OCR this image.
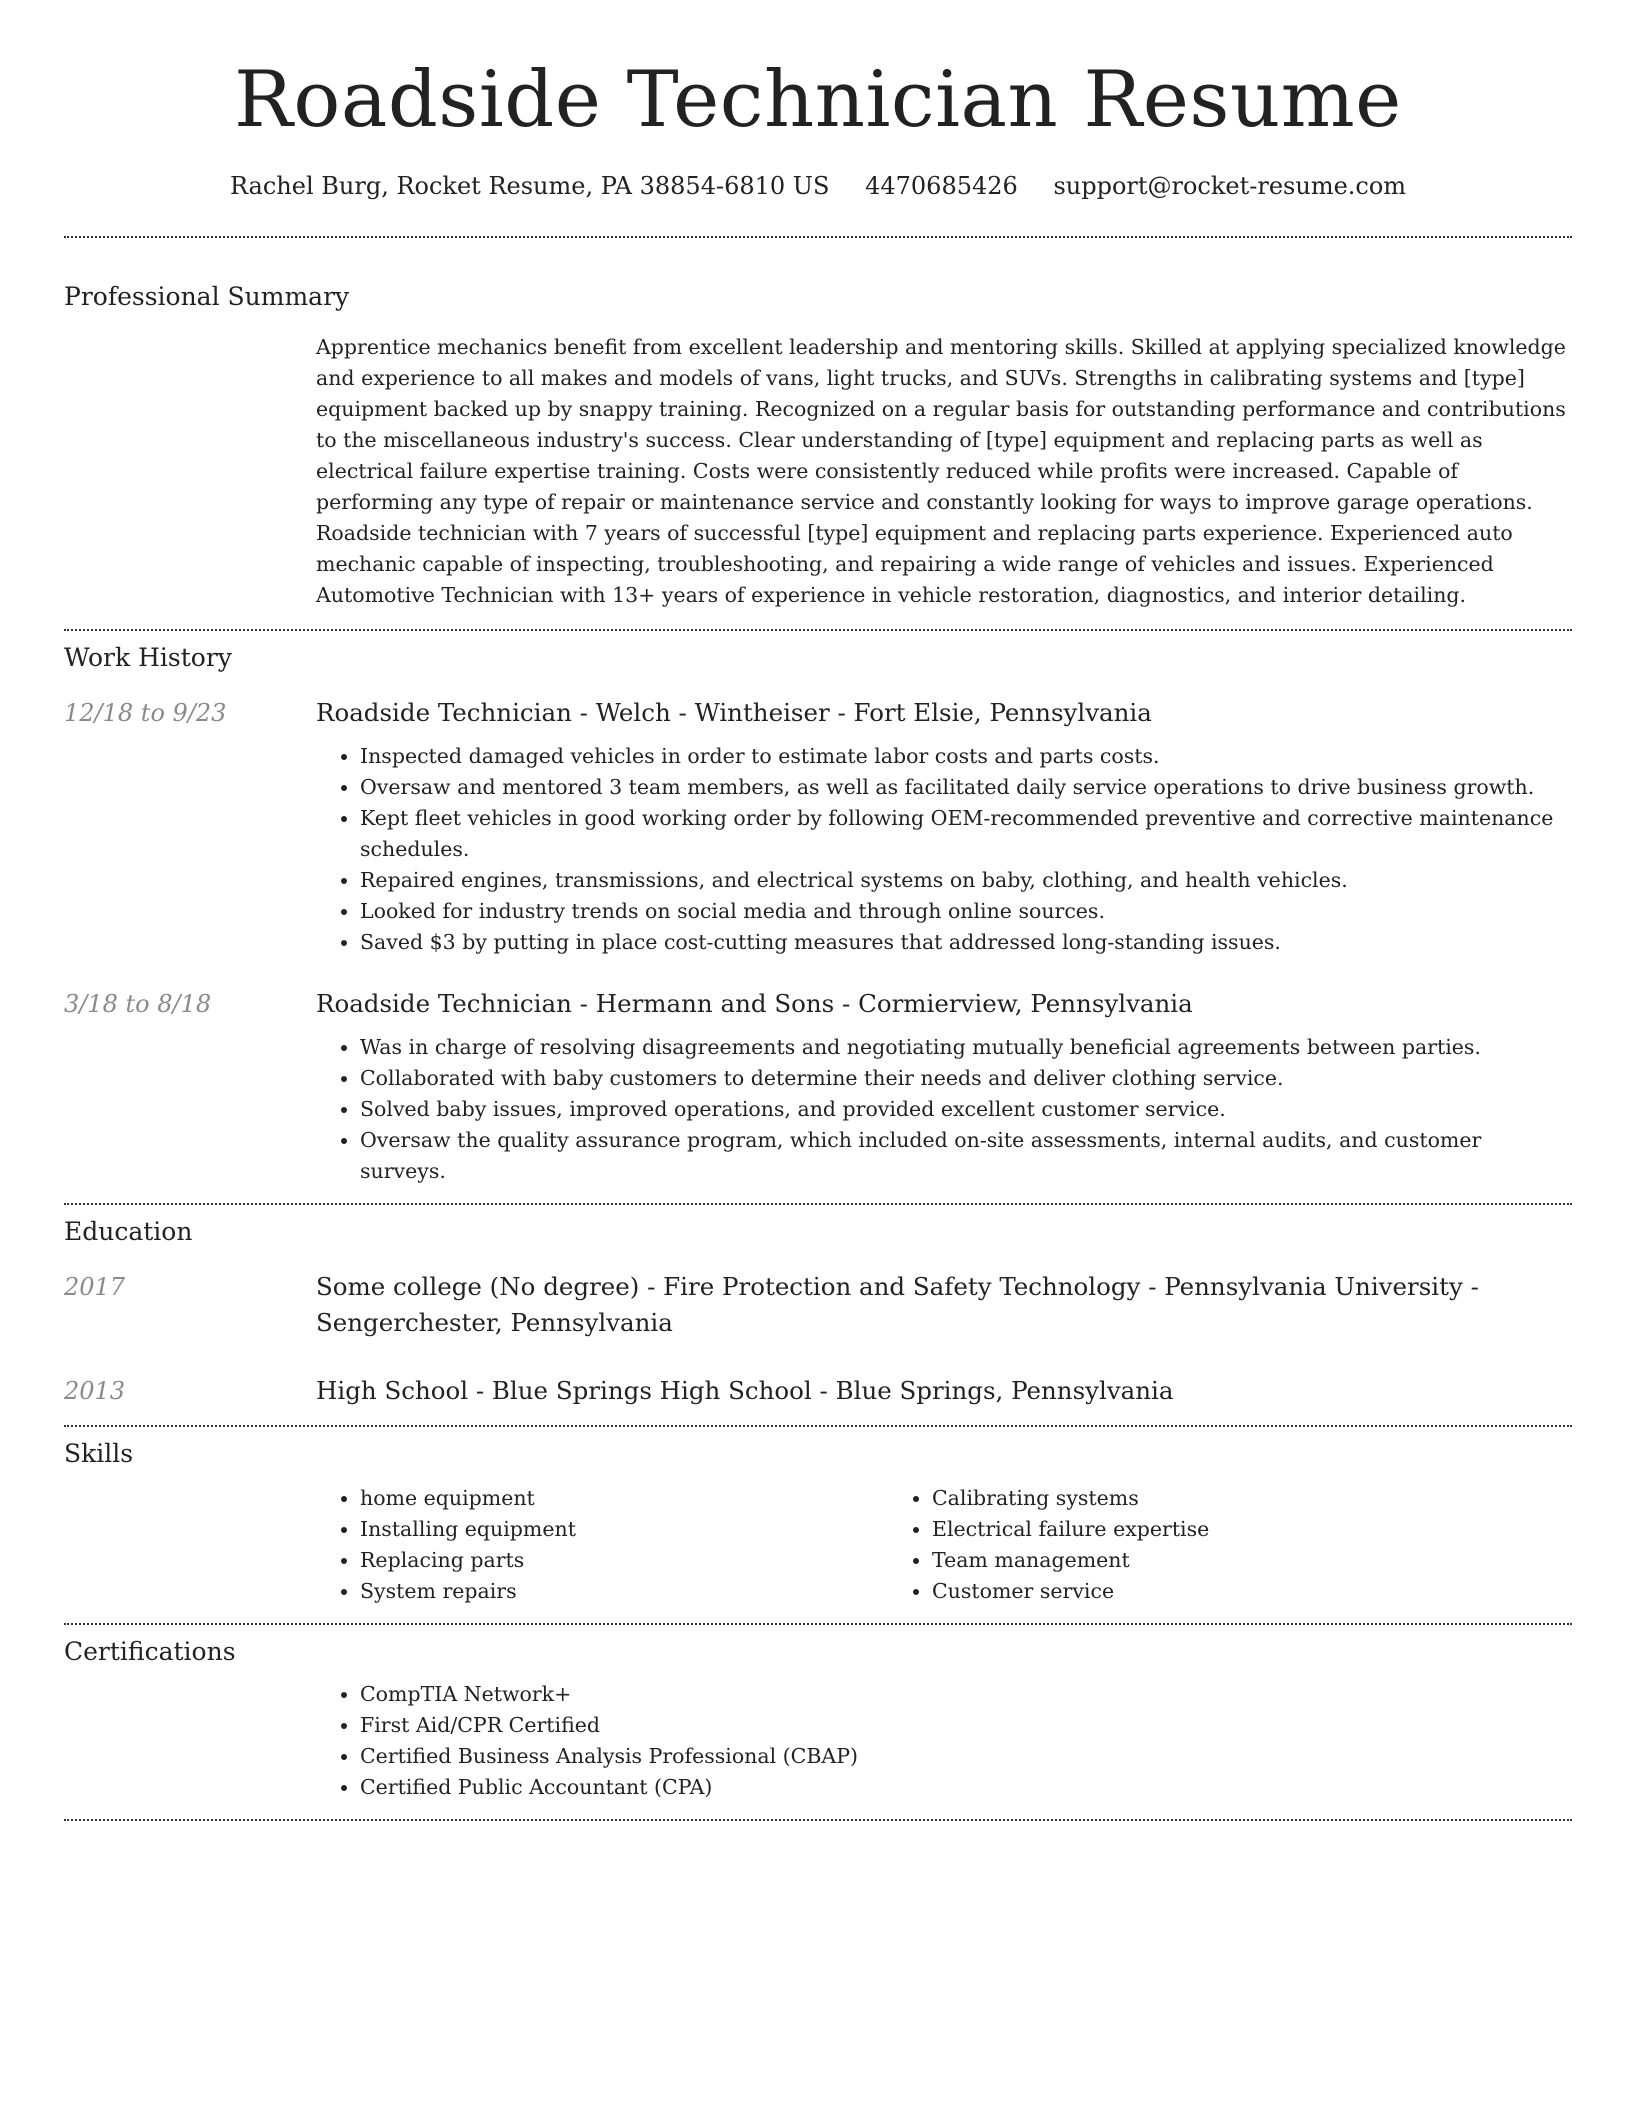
Roadside Technician Resume
Rachel Burg, Rocket Resume, PA 38854-6810 US 4470685426 support@rocket-resume.com
Professional Summary
Apprentice mechanics benefit from excellent leadership and mentoring skills. Skilled at applying specialized knowledge and experience to all makes and models of vans, light trucks, and SUVs. Strengths in calibrating systems and [type] equipment backed up by snappy training. Recognized on a regular basis for outstanding performance and contributions to the miscellaneous industry's success. Clear understanding of [type] equipment and replacing parts as well as electrical failure expertise training. Costs were consistently reduced while profits were increased. Capable of performing any type of repair or maintenance service and constantly looking for ways to improve garage operations. Roadside technician with 7 years of successful [type] equipment and replacing parts experience. Experienced auto mechanic capable of inspecting, troubleshooting, and repairing a wide range of vehicles and issues. Experienced Automotive Technician with 13+ years of experience in vehicle restoration, diagnostics, and interior detailing.
Work History
12/18 to 9/23	Roadside Technician - Welch - Wintheiser - Fort Elsie, Pennsylvania
• Inspected damaged vehicles in order to estimate labor costs and parts costs.
• Oversaw and mentored 3 team members, as well as facilitated daily service operations to drive business growth.
• Kept fleet vehicles in good working order by following OEM-recommended preventive and corrective maintenance schedules.
• Repaired engines, transmissions, and electrical systems on baby, clothing, and health vehicles.
• Looked for industry trends on social media and through online sources.
• Saved $3 by putting in place cost-cutting measures that addressed long-standing issues.
3/18 to 8/18	Roadside Technician - Hermann and Sons - Cormierview, Pennsylvania
• Was in charge of resolving disagreements and negotiating mutually beneficial agreements between parties.
• Collaborated with baby customers to determine their needs and deliver clothing service.
• Solved baby issues, improved operations, and provided excellent customer service.
• Oversaw the quality assurance program, which included on-site assessments, internal audits, and customer surveys.
Education
2017	Some college (No degree) - Fire Protection and Safety Technology - Pennsylvania University - Sengerchester, Pennsylvania
2013	High School - Blue Springs High School - Blue Springs, Pennsylvania
Skills
• home equipment
• Installing equipment
• Replacing parts
• System repairs
• Calibrating systems
• Electrical failure expertise
• Team management
• Customer service
Certifications
• CompTIA Network+
• First Aid/CPR Certified
• Certified Business Analysis Professional (CBAP)
• Certified Public Accountant (CPA)
